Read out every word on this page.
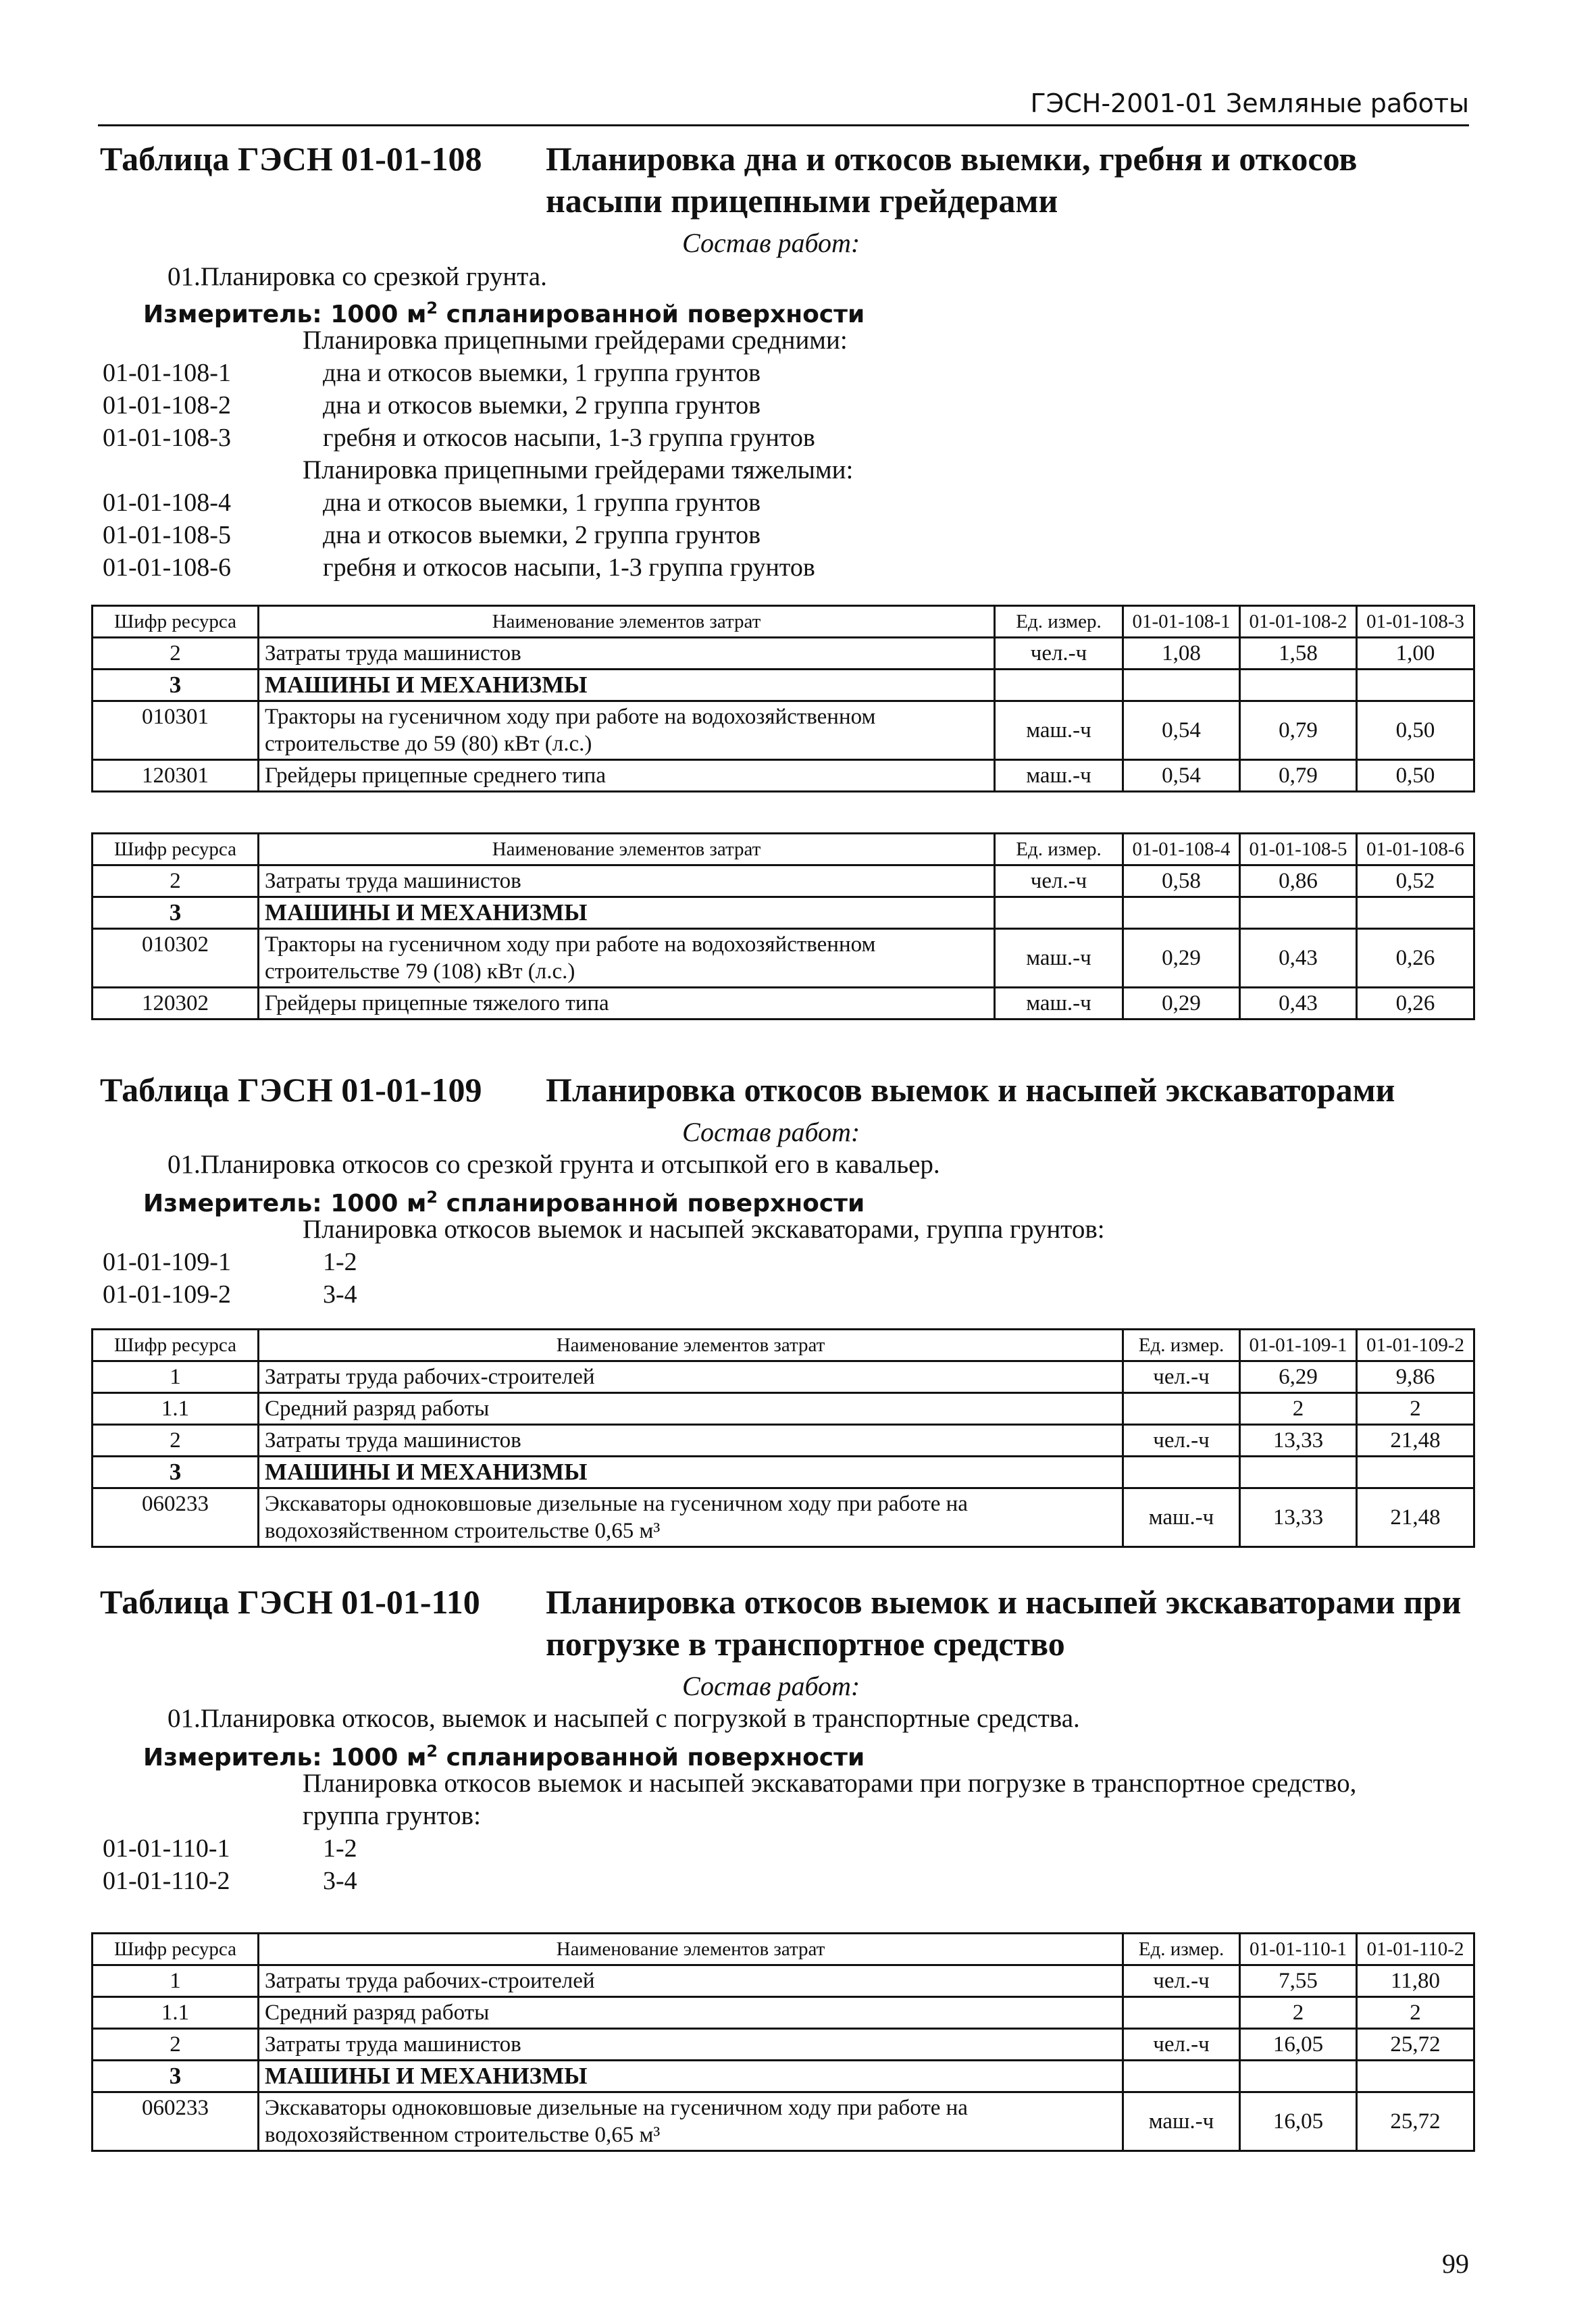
ГЭСН-2001-01 Земляные работы
Таблица ГЭСН 01-01-108 Планировка дна и откосов выемки, гребня и откосов
насыпи прицепными грейдерами
Состав работ:
01.Планировка со срезкой грунта.
Измеритель: 1000 $м^2$ спланированной поверхности
Планировка прицепными грейдерами средними:
01-01-108-1	дна и откосов выемки, 1 группа грунтов
01-01-108-2	дна и откосов выемки, 2 группа грунтов
01-01-108-3	гребня и откосов насыпи, 1-3 группа грунтов
Планировка прицепными грейдерами тяжелыми:
01-01-108-4	дна и откосов выемки, 1 группа грунтов
01-01-108-5	дна и откосов выемки, 2 группа грунтов
01-01-108-6	гребня и откосов насыпи, 1-3 группа грунтов
Шифр ресурса	Наименование элементов затрат	Ед. измер.	01-01-108-1	01-01-108-2	01-01-108-3
2	Затраты труда машинистов	чел.-ч	1,08	1,58	1,00
3	МАШИНЫ И МЕХАНИЗМЫ				
010301	Тракторы на гусеничном ходу при работе на водохозяйственном строительстве до 59 (80) кВт (л.с.)	маш.-ч	0,54	0,79	0,50
120301	Грейдеры прицепные среднего типа	маш.-ч	0,54	0,79	0,50
Шифр ресурса	Наименование элементов затрат	Ед. измер.	01-01-108-4	01-01-108-5	01-01-108-6
2	Затраты труда машинистов	чел.-ч	0,58	0,86	0,52
3	МАШИНЫ И МЕХАНИЗМЫ				
010302	Тракторы на гусеничном ходу при работе на водохозяйственном строительстве 79 (108) кВт (л.с.)	маш.-ч	0,29	0,43	0,26
120302	Грейдеры прицепные тяжелого типа	маш.-ч	0,29	0,43	0,26
Таблица ГЭСН 01-01-109 Планировка откосов выемок и насыпей экскаваторами
Состав работ:
01.Планировка откосов со срезкой грунта и отсыпкой его в кавальер.
Измеритель: 1000 $м^2$ спланированной поверхности
Планировка откосов выемок и насыпей экскаваторами, группа грунтов:
01-01-109-1	1-2
01-01-109-2	3-4
Шифр ресурса	Наименование элементов затрат	Ед. измер.	01-01-109-1	01-01-109-2
1	Затраты труда рабочих-строителей	чел.-ч	6,29	9,86
1.1	Средний разряд работы		2	2
2	Затраты труда машинистов	чел.-ч	13,33	21,48
3	МАШИНЫ И МЕХАНИЗМЫ			
060233	Экскаваторы одноковшовые дизельные на гусеничном ходу при работе на водохозяйственном строительстве 0,65 м³	маш.-ч	13,33	21,48
Таблица ГЭСН 01-01-110 Планировка откосов выемок и насыпей экскаваторами при
погрузке в транспортное средство
Состав работ:
01.Планировка откосов, выемок и насыпей с погрузкой в транспортные средства.
Измеритель: 1000 $м^2$ спланированной поверхности
Планировка откосов выемок и насыпей экскаваторами при погрузке в транспортное средство,
группа грунтов:
01-01-110-1	1-2
01-01-110-2	3-4
Шифр ресурса	Наименование элементов затрат	Ед. измер.	01-01-110-1	01-01-110-2
1	Затраты труда рабочих-строителей	чел.-ч	7,55	11,80
1.1	Средний разряд работы		2	2
2	Затраты труда машинистов	чел.-ч	16,05	25,72
3	МАШИНЫ И МЕХАНИЗМЫ			
060233	Экскаваторы одноковшовые дизельные на гусеничном ходу при работе на водохозяйственном строительстве 0,65 м³	маш.-ч	16,05	25,72
99
